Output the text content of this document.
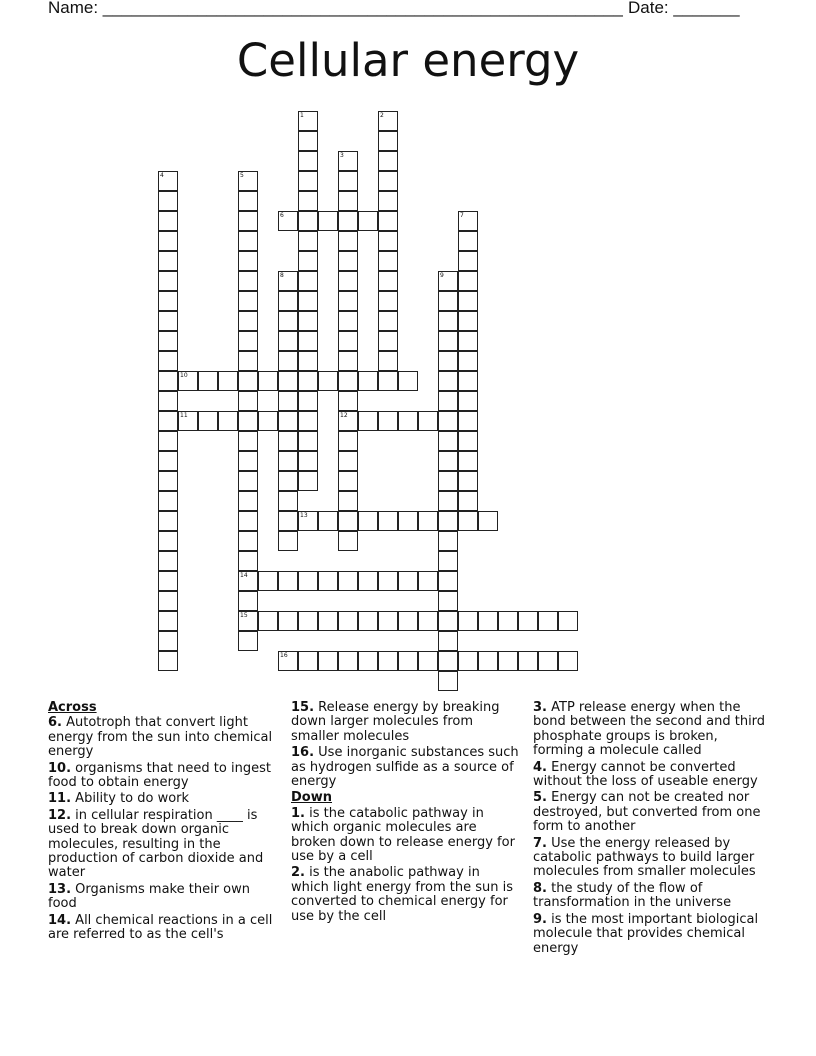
Name: _______________________________________________________ Date: _______
Cellular energy
1	2
3
4	5
6	7
8	9
10
11	12
13
14
15
16
Across
6. Autotroph that convert light energy from the sun into chemical energy
10. organisms that need to ingest food to obtain energy
11. Ability to do work
12. in cellular respiration ____ is used to break down organic molecules, resulting in the production of carbon dioxide and water
13. Organisms make their own food
14. All chemical reactions in a cell are referred to as the cell's
15. Release energy by breaking down larger molecules from smaller molecules
16. Use inorganic substances such as hydrogen sulfide as a source of energy
Down
1. is the catabolic pathway in which organic molecules are broken down to release energy for use by a cell
2. is the anabolic pathway in which light energy from the sun is converted to chemical energy for use by the cell
3. ATP release energy when the bond between the second and third phosphate groups is broken, forming a molecule called
4. Energy cannot be converted without the loss of useable energy
5. Energy can not be created nor destroyed, but converted from one form to another
7. Use the energy released by catabolic pathways to build larger molecules from smaller molecules
8. the study of the flow of transformation in the universe
9. is the most important biological molecule that provides chemical energy
